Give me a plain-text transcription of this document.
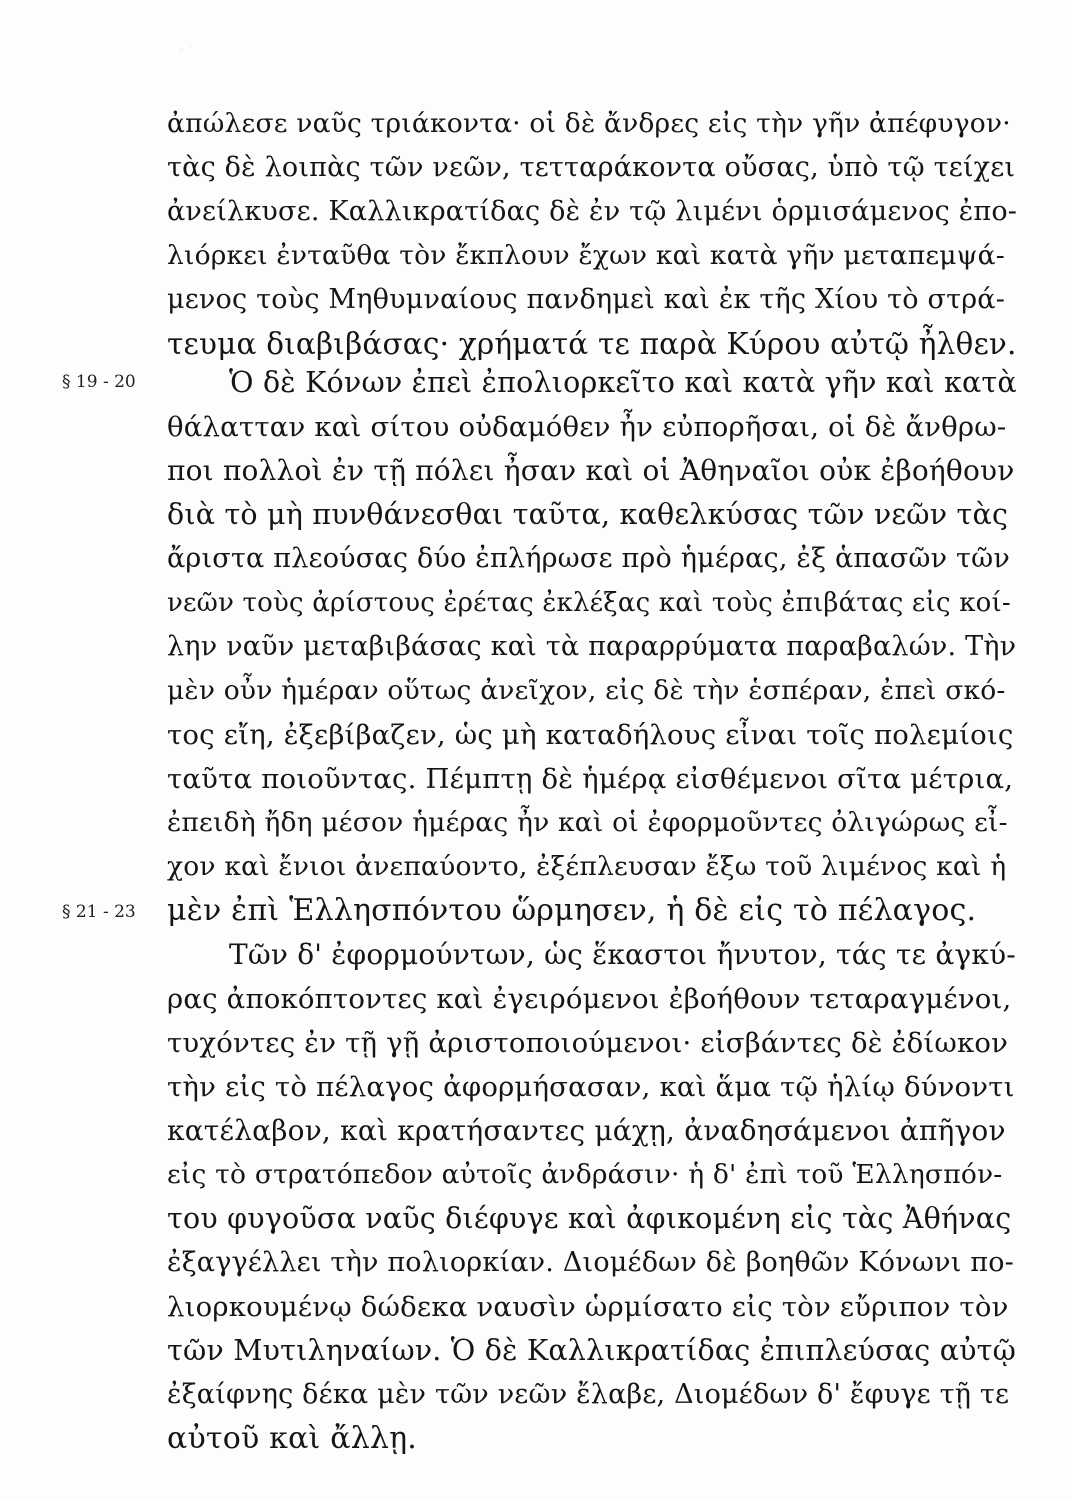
◦ ˙
§ 19 - 20
§ 21 - 23
ἀπώλεσε ναῦς τριάκοντα· οἱ δὲ ἄνδρες εἰς τὴν γῆν ἀπέφυγον·
τὰς δὲ λοιπὰς τῶν νεῶν, τετταράκοντα οὔσας, ὑπὸ τῷ τείχει
ἀνείλκυσε. Καλλικρατίδας δὲ ἐν τῷ λιμένι ὁρμισάμενος ἐπο-
λιόρκει ἐνταῦθα τὸν ἔκπλουν ἔχων καὶ κατὰ γῆν μεταπεμψά-
μενος τοὺς Μηθυμναίους πανδημεὶ καὶ ἐκ τῆς Χίου τὸ στρά-
τευμα διαβιβάσας· χρήματά τε παρὰ Κύρου αὐτῷ ἦλθεν.
Ὁ δὲ Κόνων ἐπεὶ ἐπολιορκεῖτο καὶ κατὰ γῆν καὶ κατὰ
θάλατταν καὶ σίτου οὐδαμόθεν ἦν εὐπορῆσαι, οἱ δὲ ἄνθρω-
ποι πολλοὶ ἐν τῇ πόλει ἦσαν καὶ οἱ Ἀθηναῖοι οὐκ ἐβοήθουν
διὰ τὸ μὴ πυνθάνεσθαι ταῦτα, καθελκύσας τῶν νεῶν τὰς
ἄριστα πλεούσας δύο ἐπλήρωσε πρὸ ἡμέρας, ἐξ ἁπασῶν τῶν
νεῶν τοὺς ἀρίστους ἐρέτας ἐκλέξας καὶ τοὺς ἐπιβάτας εἰς κοί-
λην ναῦν μεταβιβάσας καὶ τὰ παραρρύματα παραβαλών. Τὴν
μὲν οὖν ἡμέραν οὕτως ἀνεῖχον, εἰς δὲ τὴν ἑσπέραν, ἐπεὶ σκό-
τος εἴη, ἐξεβίβαζεν, ὡς μὴ καταδήλους εἶναι τοῖς πολεμίοις
ταῦτα ποιοῦντας. Πέμπτῃ δὲ ἡμέρᾳ εἰσθέμενοι σῖτα μέτρια,
ἐπειδὴ ἤδη μέσον ἡμέρας ἦν καὶ οἱ ἐφορμοῦντες ὀλιγώρως εἶ-
χον καὶ ἔνιοι ἀνεπαύοντο, ἐξέπλευσαν ἔξω τοῦ λιμένος καὶ ἡ
μὲν ἐπὶ Ἑλλησπόντου ὥρμησεν, ἡ δὲ εἰς τὸ πέλαγος.
Τῶν δ' ἐφορμούντων, ὡς ἕκαστοι ἤνυτον, τάς τε ἀγκύ-
ρας ἀποκόπτοντες καὶ ἐγειρόμενοι ἐβοήθουν τεταραγμένοι,
τυχόντες ἐν τῇ γῇ ἀριστοποιούμενοι· εἰσβάντες δὲ ἐδίωκον
τὴν εἰς τὸ πέλαγος ἀφορμήσασαν, καὶ ἅμα τῷ ἡλίῳ δύνοντι
κατέλαβον, καὶ κρατήσαντες μάχῃ, ἀναδησάμενοι ἀπῆγον
εἰς τὸ στρατόπεδον αὐτοῖς ἀνδράσιν· ἡ δ' ἐπὶ τοῦ Ἑλλησπόν-
του φυγοῦσα ναῦς διέφυγε καὶ ἀφικομένη εἰς τὰς Ἀθήνας
ἐξαγγέλλει τὴν πολιορκίαν. Διομέδων δὲ βοηθῶν Κόνωνι πο-
λιορκουμένῳ δώδεκα ναυσὶν ὡρμίσατο εἰς τὸν εὔριπον τὸν
τῶν Μυτιληναίων. Ὁ δὲ Καλλικρατίδας ἐπιπλεύσας αὐτῷ
ἐξαίφνης δέκα μὲν τῶν νεῶν ἔλαβε, Διομέδων δ' ἔφυγε τῇ τε
αὐτοῦ καὶ ἄλλῃ.
